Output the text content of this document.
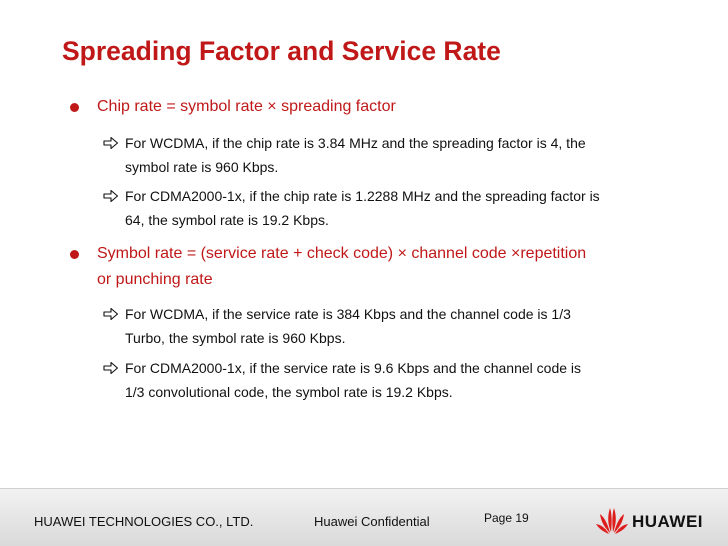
Spreading Factor and Service Rate
Chip rate = symbol rate × spreading factor
For WCDMA, if the chip rate is 3.84 MHz and the spreading factor is 4, the
symbol rate is 960 Kbps.
For CDMA2000-1x, if the chip rate is 1.2288 MHz and the spreading factor is
64, the symbol rate is 19.2 Kbps.
Symbol rate = (service rate + check code) × channel code ×repetition
or punching rate
For WCDMA, if the service rate is 384 Kbps and the channel code is 1/3
Turbo, the symbol rate is 960 Kbps.
For CDMA2000-1x, if the service rate is 9.6 Kbps and the channel code is
1/3 convolutional code, the symbol rate is 19.2 Kbps.
HUAWEI TECHNOLOGIES CO., LTD.	Huawei Confidential	Page 19	HUAWEI
